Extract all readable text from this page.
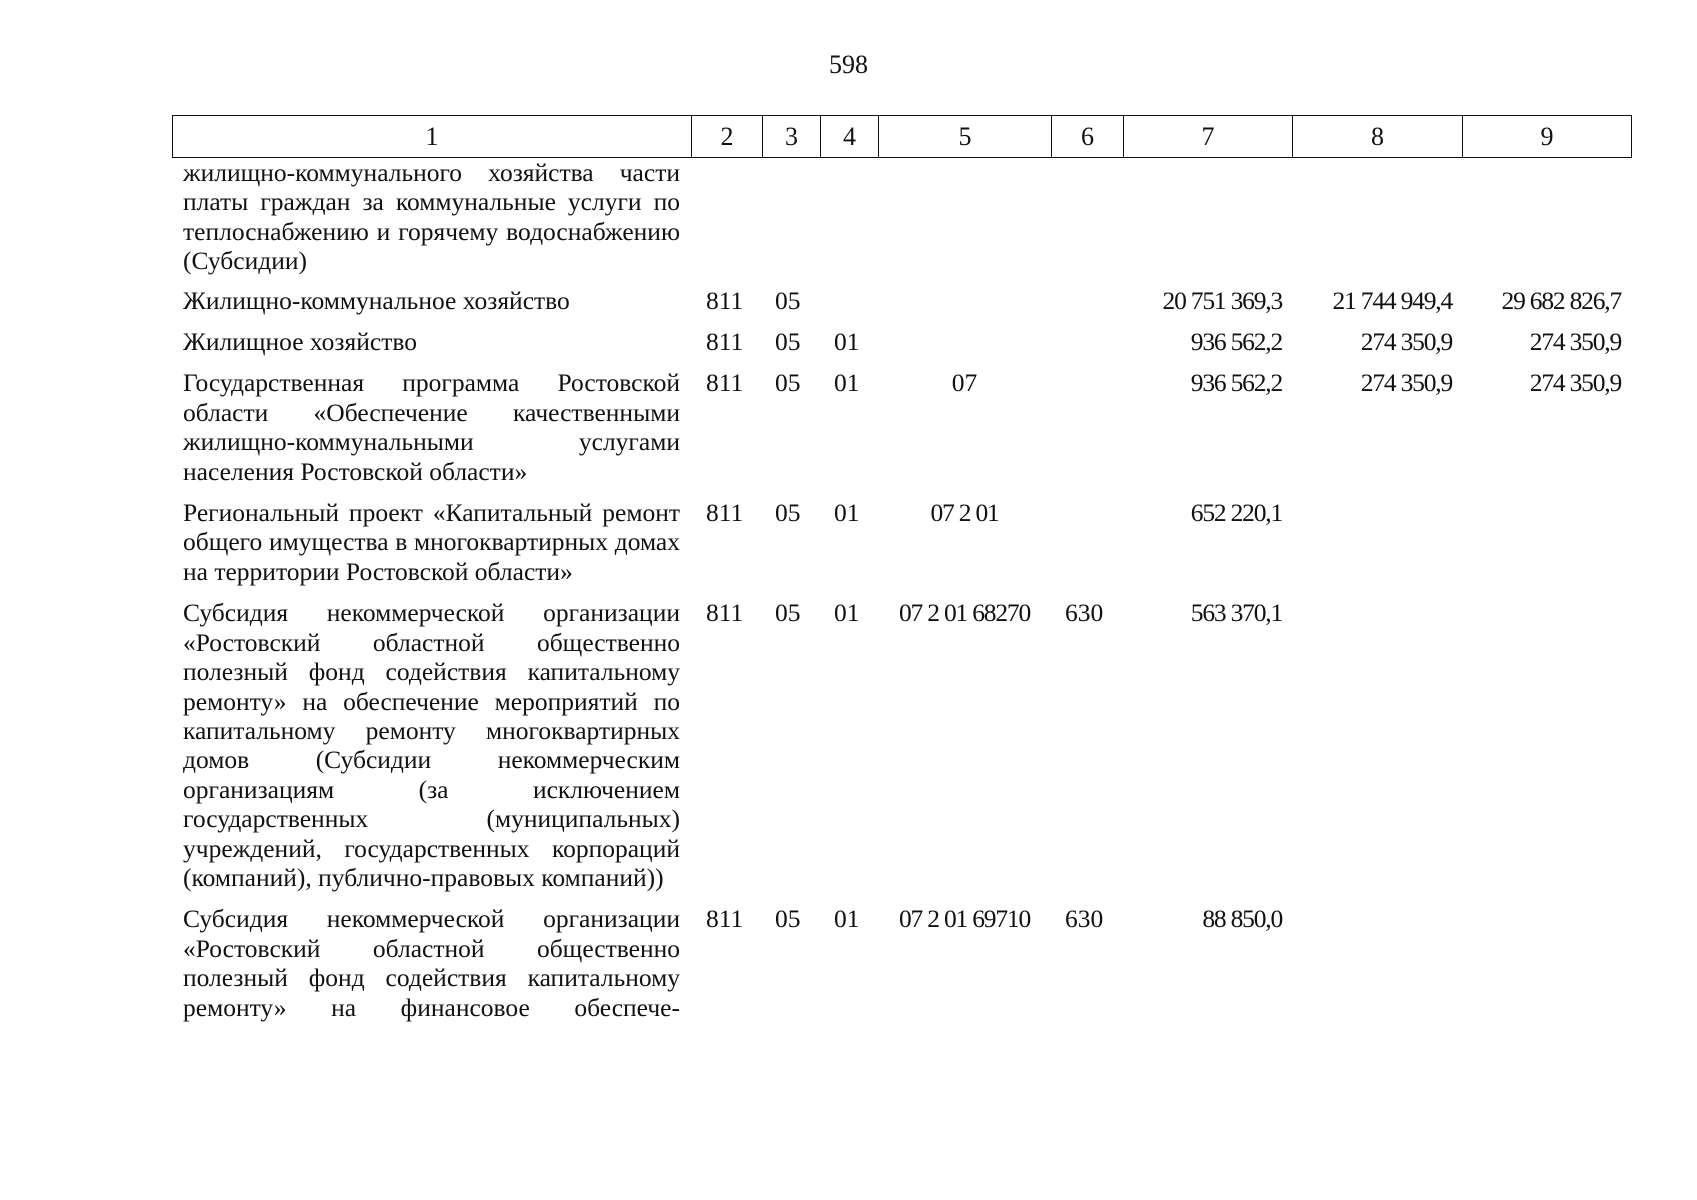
598
1	2	3	4	5	6	7	8	9
жилищно-коммунального хозяйства части платы граждан за коммунальные услуги по теплоснабжению и горячему водоснабжению (Субсидии)								
Жилищно-коммунальное хозяйство	811	05				20 751 369,3	21 744 949,4	29 682 826,7
Жилищное хозяйство	811	05	01			936 562,2	274 350,9	274 350,9
Государственная программа Ростовской области «Обеспечение качественными жилищно-коммунальными услугами населения Ростовской области»	811	05	01	07		936 562,2	274 350,9	274 350,9
Региональный проект «Капитальный ремонт общего имущества в многоквартирных домах на территории Ростовской области»	811	05	01	07 2 01		652 220,1		
Субсидия некоммерческой организации «Ростовский областной общественно полезный фонд содействия капитальному ремонту» на обеспечение мероприятий по капитальному ремонту многоквартирных домов (Субсидии некоммерческим организациям (за исключением государственных (муниципальных) учреждений, государственных корпораций (компаний), публично-правовых компаний))	811	05	01	07 2 01 68270	630	563 370,1		
Субсидия некоммерческой организации «Ростовский областной общественно полезный фонд содействия капитальному ремонту» на финансовое обеспече-	811	05	01	07 2 01 69710	630	88 850,0		
